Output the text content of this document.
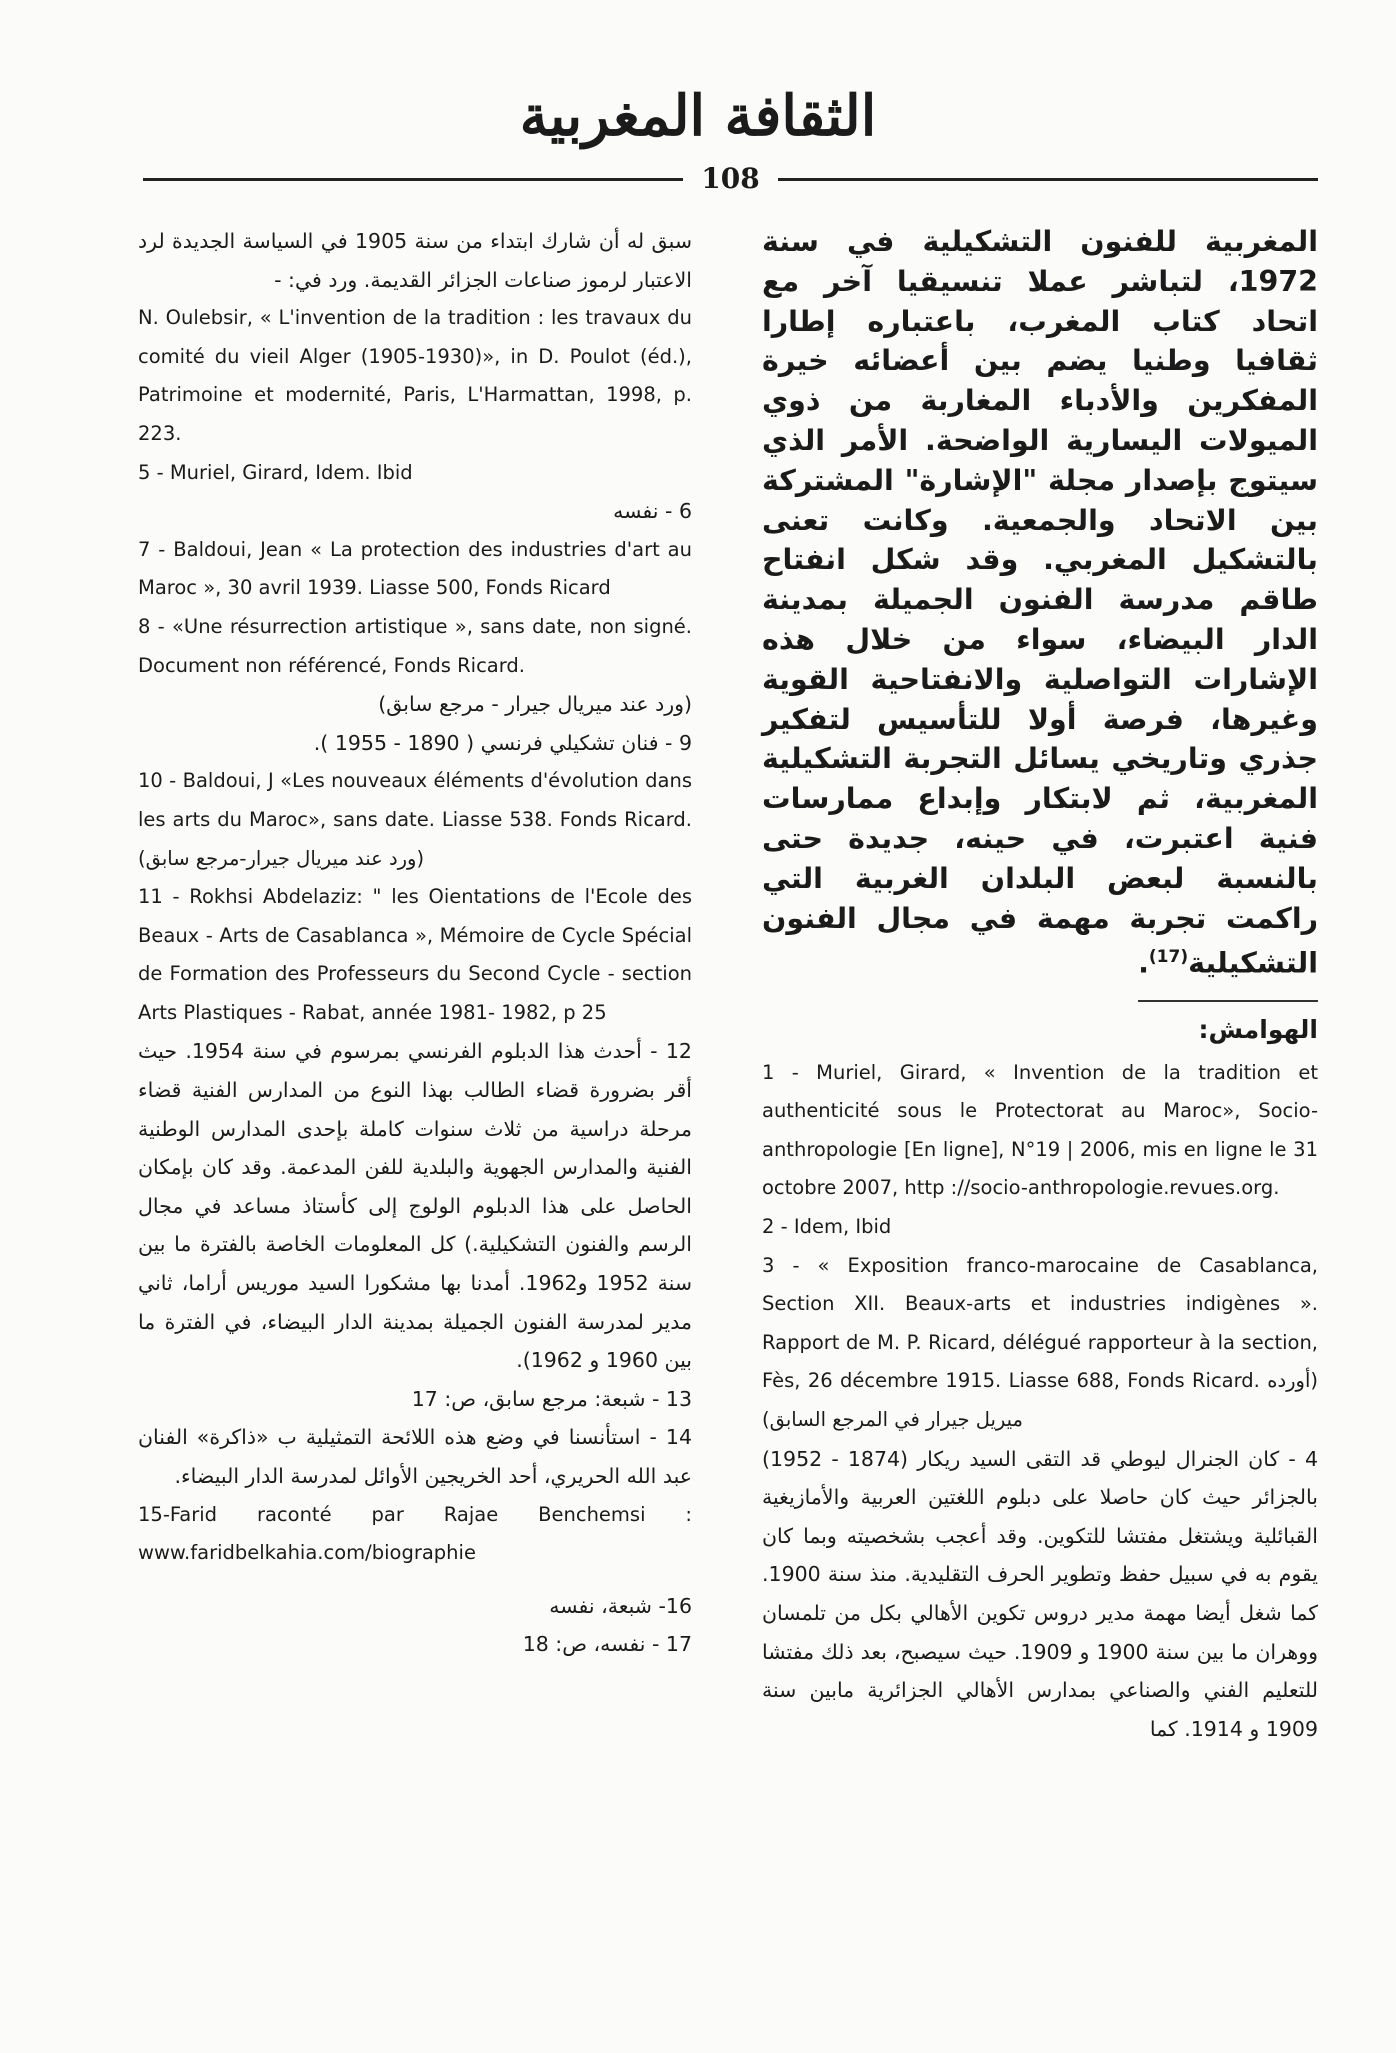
الثقافة المغربية
108

المغربية للفنون التشكيلية في سنة 1972، لتباشر عملا تنسيقيا آخر مع اتحاد كتاب المغرب، باعتباره إطارا ثقافيا وطنيا يضم بين أعضائه خيرة المفكرين والأدباء المغاربة من ذوي الميولات اليسارية الواضحة. الأمر الذي سيتوج بإصدار مجلة "الإشارة" المشتركة بين الاتحاد والجمعية. وكانت تعنى بالتشكيل المغربي. وقد شكل انفتاح طاقم مدرسة الفنون الجميلة بمدينة الدار البيضاء، سواء من خلال هذه الإشارات التواصلية والانفتاحية القوية وغيرها، فرصة أولا للتأسيس لتفكير جذري وتاريخي يسائل التجربة التشكيلية المغربية، ثم لابتكار وإبداع ممارسات فنية اعتبرت، في حينه، جديدة حتى بالنسبة لبعض البلدان الغربية التي راكمت تجربة مهمة في مجال الفنون التشكيلية$^{(17)}$.

الهوامش:

1 - Muriel, Girard, « Invention de la tradition et authenticité sous le Protectorat au Maroc», Socio-anthropologie [En ligne], N°19 | 2006, mis en ligne le 31 octobre 2007, http ://socio-anthropologie.revues.org.

2 - Idem, Ibid

3 - « Exposition franco-marocaine de Casablanca, Section XII. Beaux-arts et industries indigènes ». Rapport de M. P. Ricard, délégué rapporteur à la section, Fès, 26 décembre 1915. Liasse 688, Fonds Ricard. (أورده ميريل جيرار في المرجع السابق)

4 - كان الجنرال ليوطي قد التقى السيد ريكار (1874 - 1952) بالجزائر حيث كان حاصلا على دبلوم اللغتين العربية والأمازيغية القبائلية ويشتغل مفتشا للتكوين. وقد أعجب بشخصيته وبما كان يقوم به في سبيل حفظ وتطوير الحرف التقليدية. منذ سنة 1900. كما شغل أيضا مهمة مدير دروس تكوين الأهالي بكل من تلمسان ووهران ما بين سنة 1900 و 1909. حيث سيصبح، بعد ذلك مفتشا للتعليم الفني والصناعي بمدارس الأهالي الجزائرية مابين سنة 1909 و 1914. كما

سبق له أن شارك ابتداء من سنة 1905 في السياسة الجديدة لرد الاعتبار لرموز صناعات الجزائر القديمة. ورد في: -

N. Oulebsir, « L'invention de la tradition : les travaux du comité du vieil Alger (1905-1930)», in D. Poulot (éd.), Patrimoine et modernité, Paris, L'Harmattan, 1998, p. 223.

5 - Muriel, Girard, Idem. Ibid

6 - نفسه

7 - Baldoui, Jean « La protection des industries d'art au Maroc », 30 avril 1939. Liasse 500, Fonds Ricard

8 - «Une résurrection artistique », sans date, non signé. Document non référencé, Fonds Ricard.

(ورد عند ميريال جيرار - مرجع سابق)

9 - فنان تشكيلي فرنسي ( 1890 - 1955 ).

10 - Baldoui, J «Les nouveaux éléments d'évolution dans les arts du Maroc», sans date. Liasse 538. Fonds Ricard. (ورد عند ميريال جيرار-مرجع سابق)

11 - Rokhsi Abdelaziz: " les Oientations de l'Ecole des Beaux - Arts de Casablanca », Mémoire de Cycle Spécial de Formation des Professeurs du Second Cycle - section Arts Plastiques - Rabat, année 1981- 1982, p 25

12 - أحدث هذا الدبلوم الفرنسي بمرسوم في سنة 1954. حيث أقر بضرورة قضاء الطالب بهذا النوع من المدارس الفنية قضاء مرحلة دراسية من ثلاث سنوات كاملة بإحدى المدارس الوطنية الفنية والمدارس الجهوية والبلدية للفن المدعمة. وقد كان بإمكان الحاصل على هذا الدبلوم الولوج إلى كأستاذ مساعد في مجال الرسم والفنون التشكيلية.) كل المعلومات الخاصة بالفترة ما بين سنة 1952 و1962. أمدنا بها مشكورا السيد موريس أراما، ثاني مدير لمدرسة الفنون الجميلة بمدينة الدار البيضاء، في الفترة ما بين 1960 و 1962).

13 - شبعة: مرجع سابق، ص: 17

14 - استأنسنا في وضع هذه اللائحة التمثيلية ب «ذاكرة» الفنان عبد الله الحريري، أحد الخريجين الأوائل لمدرسة الدار البيضاء.

15-Farid raconté par Rajae Benchemsi : www.faridbelkahia.com/biographie

16- شبعة، نفسه

17 - نفسه، ص: 18
